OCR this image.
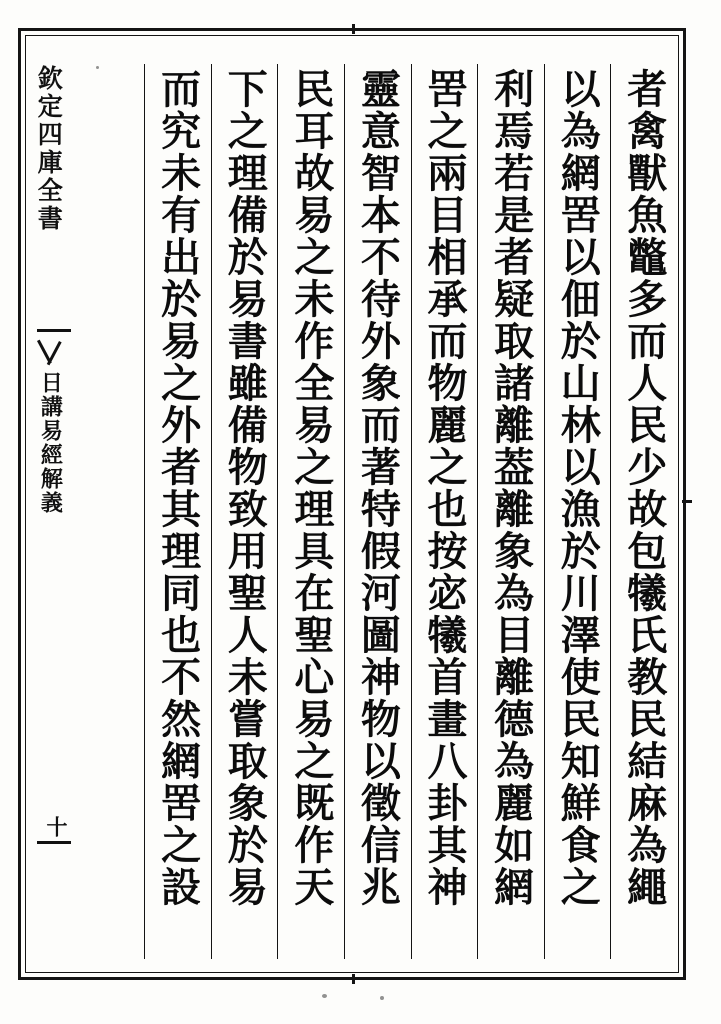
欽定四庫全書
日講易經解義
十	者禽獸魚鼈多而人民少故包犧氏教民結麻為繩
以為網罟以佃於山林以漁於川澤使民知鮮食之
利焉若是者疑取諸離葢離象為目離德為麗如網
罟之兩目相承而物麗之也按宓犧首畫八卦其神
靈意智本不待外象而著特假河圖神物以徵信兆
民耳故易之未作全易之理具在聖心易之既作天
下之理備於易書雖備物致用聖人未嘗取象於易
而究未有出於易之外者其理同也不然網罟之設
